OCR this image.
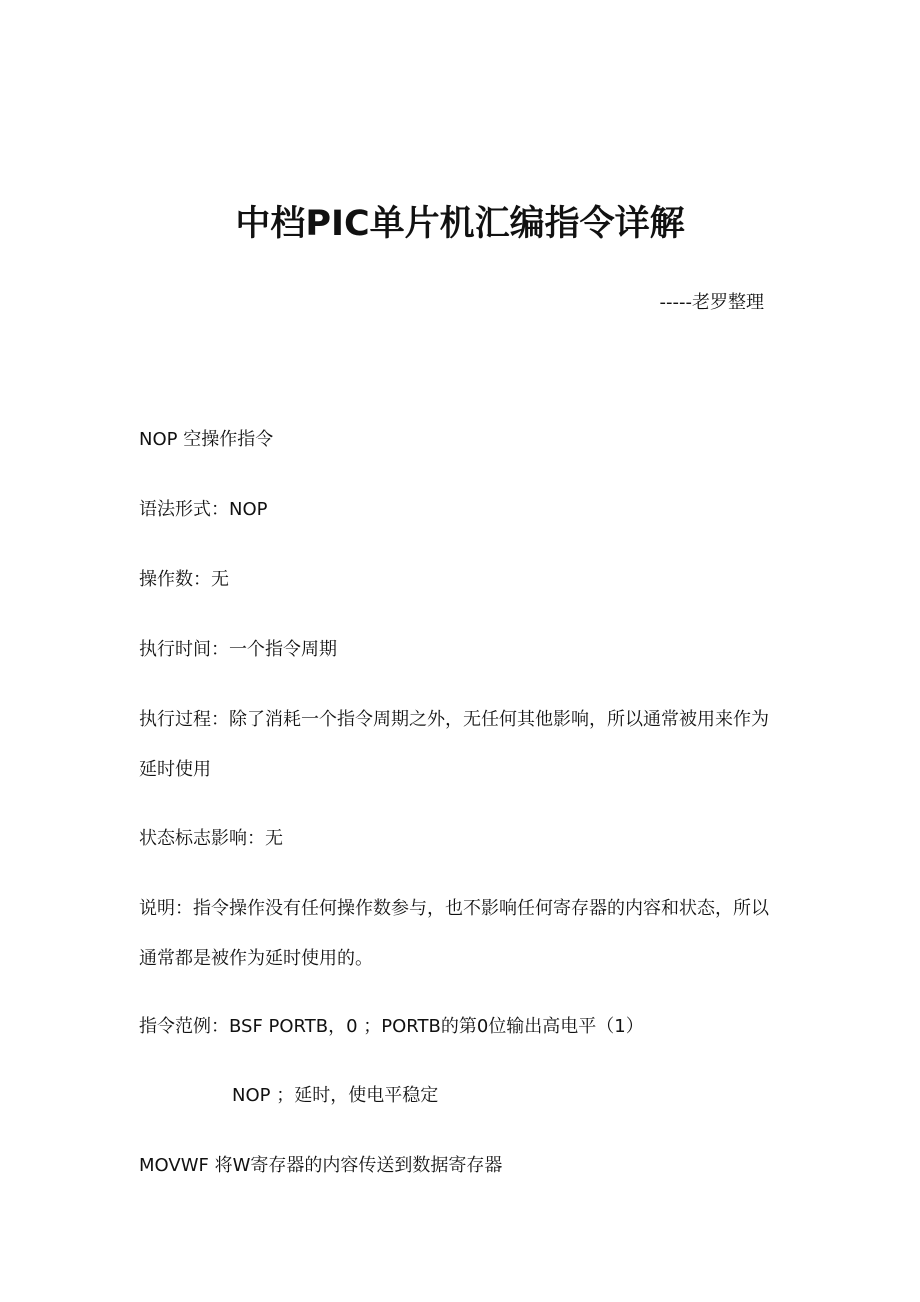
中档PIC单片机汇编指令详解
-----老罗整理
NOP 空操作指令
语法形式：NOP
操作数：无
执行时间：一个指令周期
执行过程：除了消耗一个指令周期之外，无任何其他影响，所以通常被用来作为
延时使用
状态标志影响：无
说明：指令操作没有任何操作数参与，也不影响任何寄存器的内容和状态，所以
通常都是被作为延时使用的。
指令范例：BSF PORTB，0 ；PORTB的第0位输出高电平（1）
NOP ；延时，使电平稳定
MOVWF 将W寄存器的内容传送到数据寄存器
